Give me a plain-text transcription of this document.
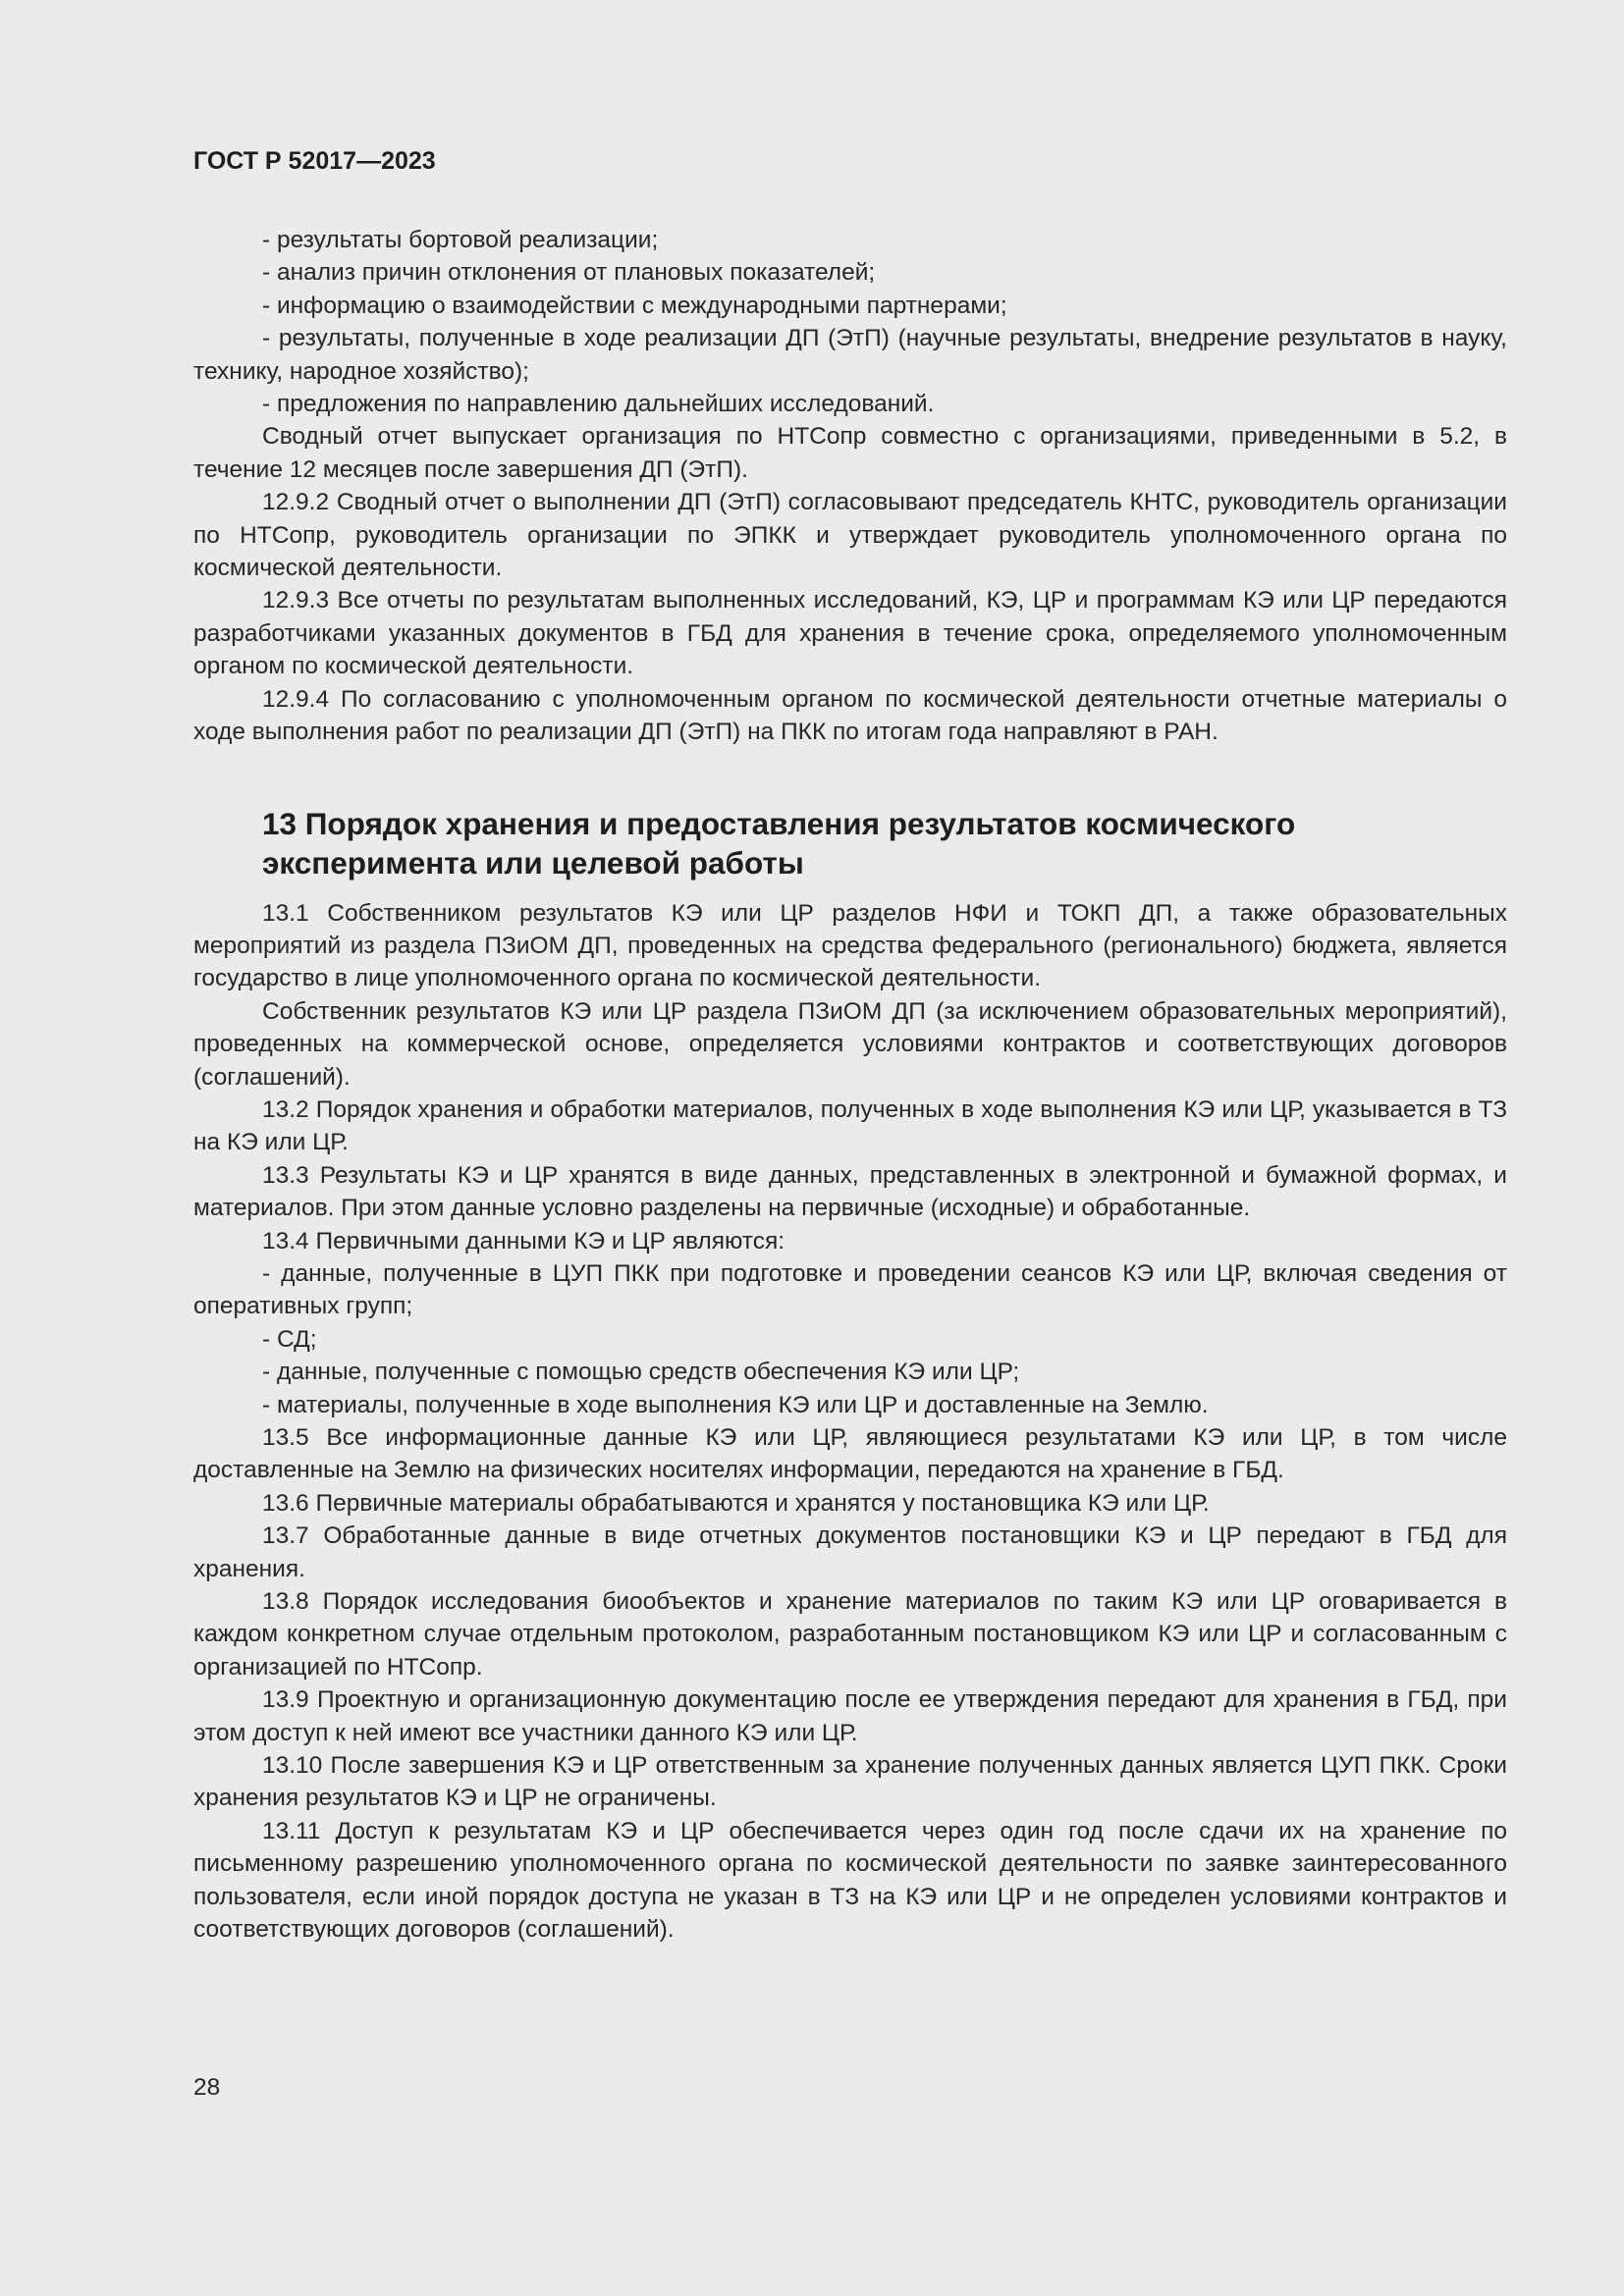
ГОСТ Р 52017—2023

- результаты бортовой реализации;

- анализ причин отклонения от плановых показателей;

- информацию о взаимодействии с международными партнерами;

- результаты, полученные в ходе реализации ДП (ЭтП) (научные результаты, внедрение результатов в науку, технику, народное хозяйство);

- предложения по направлению дальнейших исследований.

Сводный отчет выпускает организация по НТСопр совместно с организациями, приведенными в 5.2, в течение 12 месяцев после завершения ДП (ЭтП).

12.9.2 Сводный отчет о выполнении ДП (ЭтП) согласовывают председатель КНТС, руководитель организации по НТСопр, руководитель организации по ЭПКК и утверждает руководитель уполномоченного органа по космической деятельности.

12.9.3 Все отчеты по результатам выполненных исследований, КЭ, ЦР и программам КЭ или ЦР передаются разработчиками указанных документов в ГБД для хранения в течение срока, определяемого уполномоченным органом по космической деятельности.

12.9.4 По согласованию с уполномоченным органом по космической деятельности отчетные материалы о ходе выполнения работ по реализации ДП (ЭтП) на ПКК по итогам года направляют в РАН.

13 Порядок хранения и предоставления результатов космического эксперимента или целевой работы

13.1 Собственником результатов КЭ или ЦР разделов НФИ и ТОКП ДП, а также образовательных мероприятий из раздела ПЗиОМ ДП, проведенных на средства федерального (регионального) бюджета, является государство в лице уполномоченного органа по космической деятельности.

Собственник результатов КЭ или ЦР раздела ПЗиОМ ДП (за исключением образовательных мероприятий), проведенных на коммерческой основе, определяется условиями контрактов и соответствующих договоров (соглашений).

13.2 Порядок хранения и обработки материалов, полученных в ходе выполнения КЭ или ЦР, указывается в ТЗ на КЭ или ЦР.

13.3 Результаты КЭ и ЦР хранятся в виде данных, представленных в электронной и бумажной формах, и материалов. При этом данные условно разделены на первичные (исходные) и обработанные.

13.4 Первичными данными КЭ и ЦР являются:

- данные, полученные в ЦУП ПКК при подготовке и проведении сеансов КЭ или ЦР, включая сведения от оперативных групп;

- СД;

- данные, полученные с помощью средств обеспечения КЭ или ЦР;

- материалы, полученные в ходе выполнения КЭ или ЦР и доставленные на Землю.

13.5 Все информационные данные КЭ или ЦР, являющиеся результатами КЭ или ЦР, в том числе доставленные на Землю на физических носителях информации, передаются на хранение в ГБД.

13.6 Первичные материалы обрабатываются и хранятся у постановщика КЭ или ЦР.

13.7 Обработанные данные в виде отчетных документов постановщики КЭ и ЦР передают в ГБД для хранения.

13.8 Порядок исследования биообъектов и хранение материалов по таким КЭ или ЦР оговаривается в каждом конкретном случае отдельным протоколом, разработанным постановщиком КЭ или ЦР и согласованным с организацией по НТСопр.

13.9 Проектную и организационную документацию после ее утверждения передают для хранения в ГБД, при этом доступ к ней имеют все участники данного КЭ или ЦР.

13.10 После завершения КЭ и ЦР ответственным за хранение полученных данных является ЦУП ПКК. Сроки хранения результатов КЭ и ЦР не ограничены.

13.11 Доступ к результатам КЭ и ЦР обеспечивается через один год после сдачи их на хранение по письменному разрешению уполномоченного органа по космической деятельности по заявке заинтересованного пользователя, если иной порядок доступа не указан в ТЗ на КЭ или ЦР и не определен условиями контрактов и соответствующих договоров (соглашений).

28
